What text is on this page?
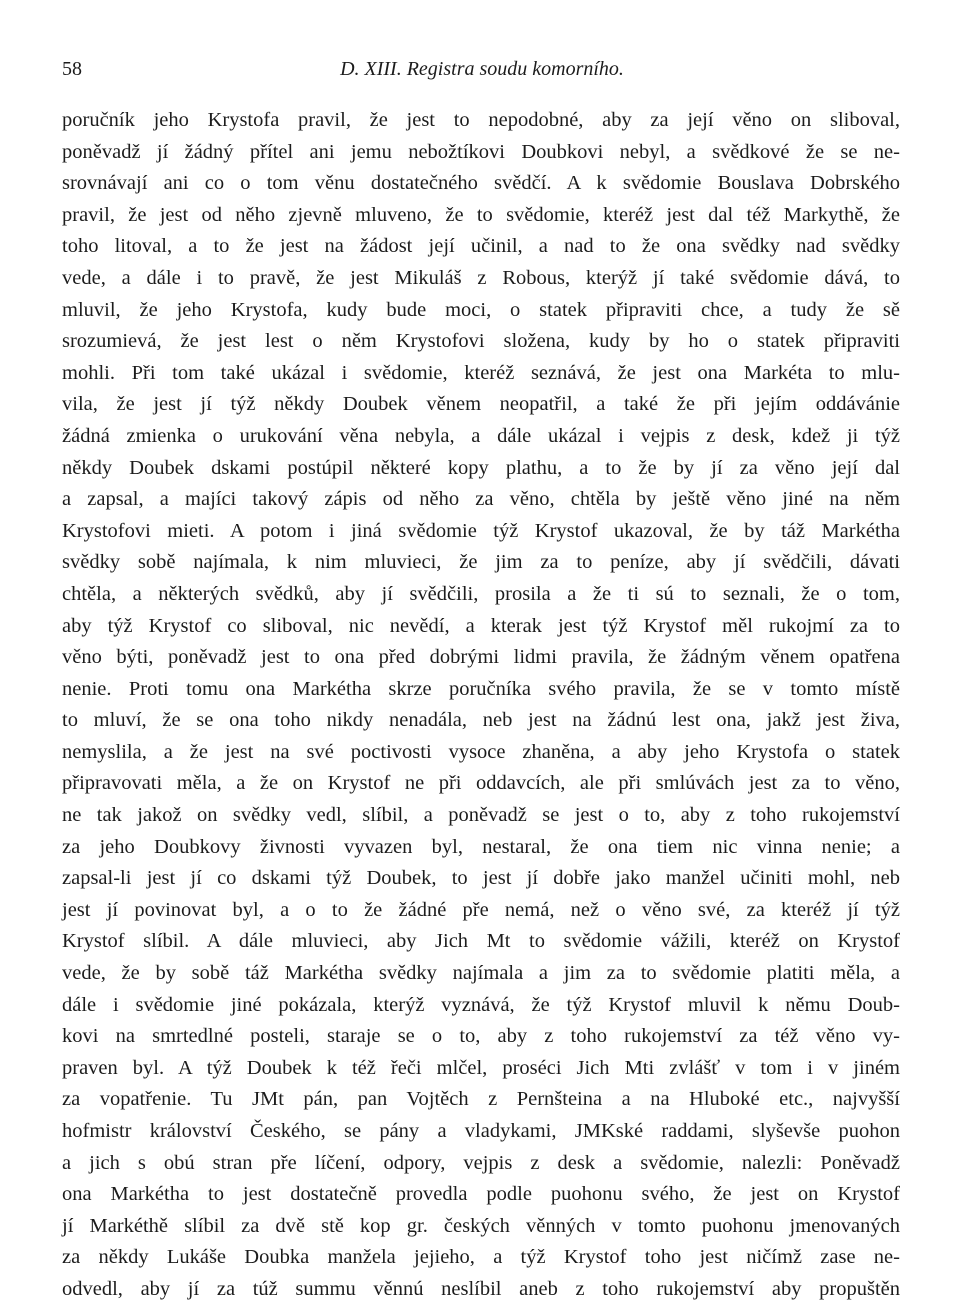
58	D. XIII. Registra soudu komorního.
poručník jeho Krystofa pravil, že jest to nepodobné, aby za její věno on sliboval,
poněvadž jí žádný přítel ani jemu nebožtíkovi Doubkovi nebyl, a svědkové že se ne-
srovnávají ani co o tom věnu dostatečného svědčí. A k svědomie Bouslava Dobrského
pravil, že jest od něho zjevně mluveno, že to svědomie, kteréž jest dal též Markythě, že
toho litoval, a to že jest na žádost její učinil, a nad to že ona svědky nad svědky
vede, a dále i to pravě, že jest Mikuláš z Robous, kterýž jí také svědomie dává, to
mluvil, že jeho Krystofa, kudy bude moci, o statek připraviti chce, a tudy že sě
srozumievá, že jest lest o něm Krystofovi složena, kudy by ho o statek připraviti
mohli. Při tom také ukázal i svědomie, kteréž seznává, že jest ona Markéta to mlu-
vila, že jest jí týž někdy Doubek věnem neopatřil, a také že při jejím oddávánie
žádná zmienka o urukování věna nebyla, a dále ukázal i vejpis z desk, kdež ji týž
někdy Doubek dskami postúpil některé kopy plathu, a to že by jí za věno její dal
a zapsal, a majíci takový zápis od něho za věno, chtěla by ještě věno jiné na něm
Krystofovi mieti. A potom i jiná svědomie týž Krystof ukazoval, že by táž Markétha
svědky sobě najímala, k nim mluvieci, že jim za to peníze, aby jí svědčili, dávati
chtěla, a některých svědků, aby jí svědčili, prosila a že ti sú to seznali, že o tom,
aby týž Krystof co sliboval, nic nevědí, a kterak jest týž Krystof měl rukojmí za to
věno býti, poněvadž jest to ona před dobrými lidmi pravila, že žádným věnem opatřena
nenie. Proti tomu ona Markétha skrze poručníka svého pravila, že se v tomto místě
to mluví, že se ona toho nikdy nenadála, neb jest na žádnú lest ona, jakž jest živa,
nemyslila, a že jest na své poctivosti vysoce zhaněna, a aby jeho Krystofa o statek
připravovati měla, a že on Krystof ne při oddavcích, ale při smlúvách jest za to věno,
ne tak jakož on svědky vedl, slíbil, a poněvadž se jest o to, aby z toho rukojemství
za jeho Doubkovy živnosti vyvazen byl, nestaral, že ona tiem nic vinna nenie; a
zapsal-li jest jí co dskami týž Doubek, to jest jí dobře jako manžel učiniti mohl, neb
jest jí povinovat byl, a o to že žádné pře nemá, než o věno své, za kteréž jí týž
Krystof slíbil. A dále mluvieci, aby Jich Mt to svědomie vážili, kteréž on Krystof
vede, že by sobě táž Markétha svědky najímala a jim za to svědomie platiti měla, a
dále i svědomie jiné pokázala, kterýž vyznává, že týž Krystof mluvil k němu Doub-
kovi na smrtedlné posteli, staraje se o to, aby z toho rukojemství za též věno vy-
praven byl. A týž Doubek k též řeči mlčel, proséci Jich Mti zvlášť v tom i v jiném
za vopatřenie. Tu JMt pán, pan Vojtěch z Pernšteina a na Hluboké etc., najvyšší
hofmistr království Českého, se pány a vladykami, JMKské raddami, slyševše puohon
a jich s obú stran pře líčení, odpory, vejpis z desk a svědomie, nalezli: Poněvadž
ona Markétha to jest dostatečně provedla podle puohonu svého, že jest on Krystof
jí Markéthě slíbil za dvě stě kop gr. českých věnných v tomto puohonu jmenovaných
za někdy Lukáše Doubka manžela jejieho, a týž Krystof toho jest ničímž zase ne-
odvedl, aby jí za túž summu věnnú neslíbil aneb z toho rukojemství aby propuštěn
